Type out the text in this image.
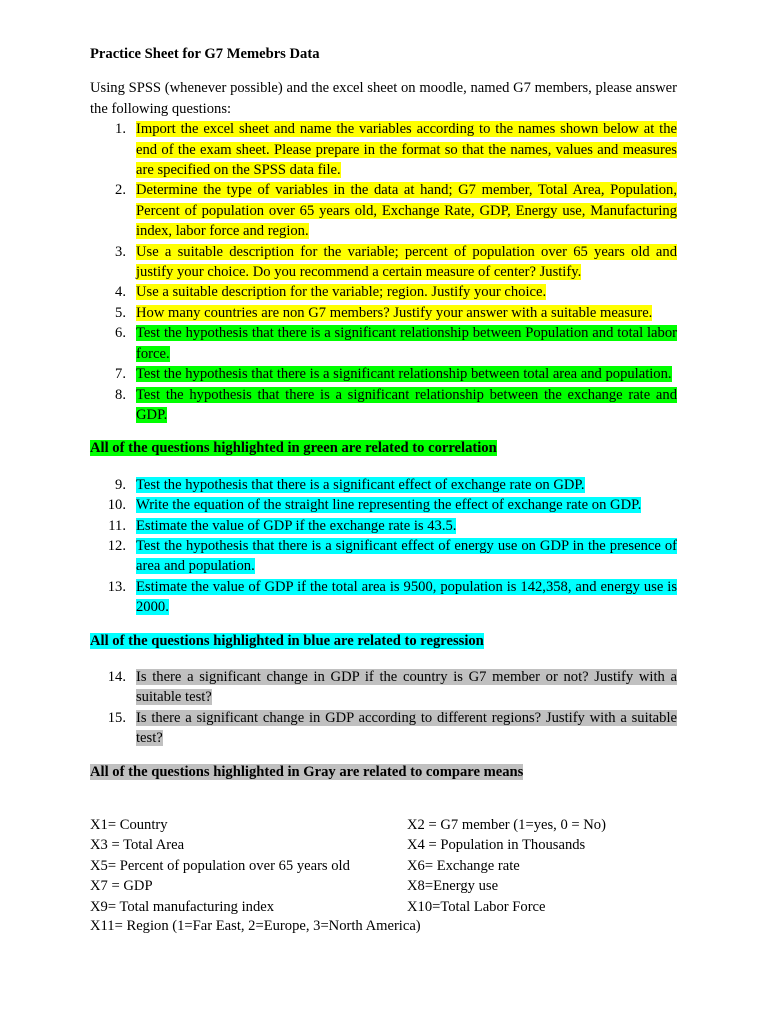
Practice Sheet for G7 Memebrs Data

Using SPSS (whenever possible) and the excel sheet on moodle, named G7 members, please answer the following questions:

1. Import the excel sheet and name the variables according to the names shown below at the end of the exam sheet. Please prepare in the format so that the names, values and measures are specified on the SPSS data file.
2. Determine the type of variables in the data at hand; G7 member, Total Area, Population, Percent of population over 65 years old, Exchange Rate, GDP, Energy use, Manufacturing index, labor force and region.
3. Use a suitable description for the variable; percent of population over 65 years old and justify your choice. Do you recommend a certain measure of center? Justify.
4. Use a suitable description for the variable; region. Justify your choice.
5. How many countries are non G7 members? Justify your answer with a suitable measure.
6. Test the hypothesis that there is a significant relationship between Population and total labor force.
7. Test the hypothesis that there is a significant relationship between total area and population.
8. Test the hypothesis that there is a significant relationship between the exchange rate and GDP.

All of the questions highlighted in green are related to correlation

9. Test the hypothesis that there is a significant effect of exchange rate on GDP.
10. Write the equation of the straight line representing the effect of exchange rate on GDP.
11. Estimate the value of GDP if the exchange rate is 43.5.
12. Test the hypothesis that there is a significant effect of energy use on GDP in the presence of area and population.
13. Estimate the value of GDP if the total area is 9500, population is 142,358, and energy use is 2000.

All of the questions highlighted in blue are related to regression

14. Is there a significant change in GDP if the country is G7 member or not? Justify with a suitable test?
15. Is there a significant change in GDP according to different regions? Justify with a suitable test?

All of the questions highlighted in Gray are related to compare means

X1= Country	X2 = G7 member (1=yes, 0 = No)
X3 = Total Area	X4 = Population in Thousands
X5= Percent of population over 65 years old	X6= Exchange rate
X7 = GDP	X8=Energy use
X9= Total manufacturing index	X10=Total Labor Force
X11= Region (1=Far East, 2=Europe, 3=North America)
